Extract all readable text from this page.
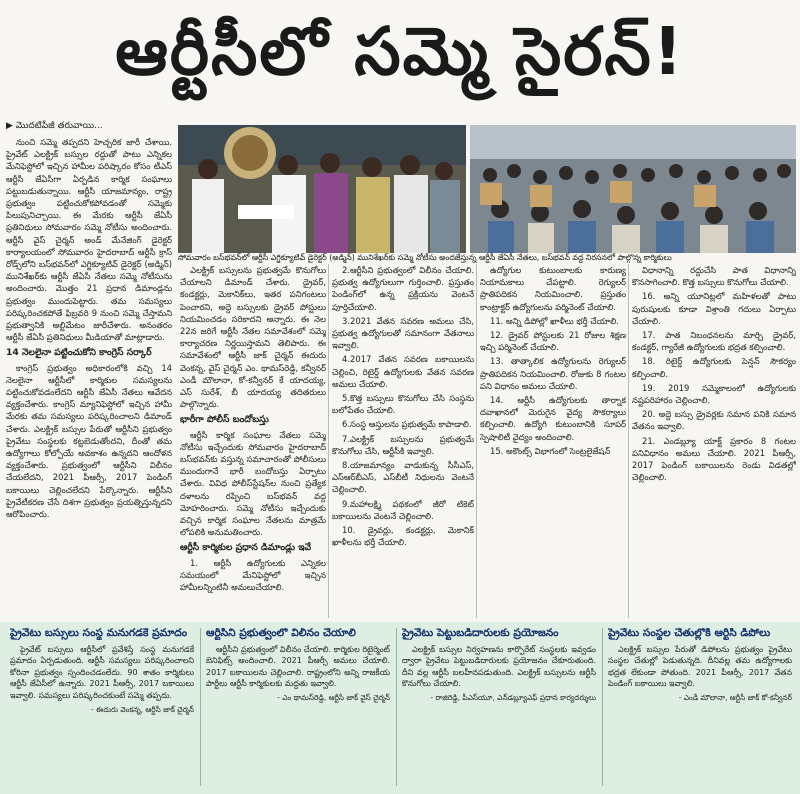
ఆర్టీసీలో సమ్మె సైరన్!
▶ మొదటిపేజీ తరువాయి...

నుంచి సమ్మె తప్పదని హెచ్చరిక జారీ చేశాయి. ప్రైవేట్ ఎలక్ట్రిక్ బస్సుల రద్దుతో పాటు ఎన్నికల మేనిఫెస్టోలో ఇచ్చిన హామీల పరిష్కారం కోసం టీఎస్ ఆర్టీసీ జేఏసీగా ఏర్పడిన కార్మిక సంఘాలు పట్టుబడుతున్నాయి. ఆర్టీసీ యాజమాన్యం, రాష్ట్ర ప్రభుత్వం పట్టించుకోకపోవడంతో సమ్మెకు పిలుపునిచ్చాయి. ఈ మేరకు ఆర్టీసీ జేఏసీ ప్రతినిధులు సోమవారం సమ్మె నోటీసు అందించారు. ఆర్టీసీ వైస్ చైర్మన్ అండ్ మేనేజింగ్ డైరెక్టర్ కార్యాలయంలో సోమవారం హైదరాబాద్ ఆర్టీసీ క్రాస్ రోడ్స్‌లోని బస్‌భవన్‌లో ఎగ్జిక్యూటివ్ డైరెక్టర్ (అడ్మిన్) మునిశేఖర్‌కు ఆర్టీసీ జేఏసీ నేతలు సమ్మె నోటీసును అందించారు. మొత్తం 21 ప్రధాన డిమాండ్లను ప్రభుత్వం ముందుపెట్టారు. తమ సమస్యలు పరిష్కరించకపోతే ఫిబ్రవరి 9 నుంచి సమ్మె చేస్తామని ప్రభుత్వానికి అల్టిమేటం జారీచేశారు. అనంతరం ఆర్టీసీ జేఏసీ ప్రతినిధులు మీడియాతో మాట్లాడారు.

14 నెలలైనా పట్టించుకోని కాంగ్రెస్ సర్కార్

కాంగ్రెస్ ప్రభుత్వం అధికారంలోకి వచ్చి 14 నెలలైనా ఆర్టీసీలో కార్మికుల సమస్యలను పట్టించుకోవడంలేదని ఆర్టీసీ జేఏసీ నేతలు ఆవేదన వ్యక్తంచేశారు. కాంగ్రెస్ మ్యానిఫెస్టోలో ఇచ్చిన హామీ మేరకు తమ సమస్యలు పరిష్కరించాలని డిమాండ్ చేశారు. ఎలక్ట్రిక్ బస్సుల పేరుతో ఆర్టీసీని ప్రభుత్వం ప్రైవేటు సంస్థలకు కట్టబెడుతోందని, దీంతో తమ ఉద్యోగాలు కోల్పోయే అవకాశం ఉన్నదని ఆందోళన వ్యక్తంచేశారు. ప్రభుత్వంలో ఆర్టీసీని విలీనం చేయలేదని, 2021 పీఆర్సీ, 2017 పెండింగ్ బకాయిలు చెల్లించలేదని పేర్కొన్నారు. ఆర్టీసీని ప్రైవేటీకరణ చేసే దిశగా ప్రభుత్వం ప్రయత్నిస్తున్నదని ఆరోపించారు.

సోమవారం బస్‌భవన్‌లో ఆర్టీసీ ఎగ్జిక్యూటివ్ డైరెక్టర్ (అడ్మిన్) మునిశేఖర్‌కు సమ్మె నోటీసు అందజేస్తున్న ఆర్టీసీ జేఏసీ నేతలు, బస్‌భవన్ వద్ద నిరసనలో పాల్గొన్న కార్మికులు

ఎలక్ట్రిక్ బస్సులను ప్రభుత్వమే కొనుగోలు చేయాలని డిమాండ్ చేశారు. డ్రైవర్, కండక్టర్లు, మెకానిక్‌లు, ఇతర పనిగంటలు పెంచారని, అద్దె బస్సులకు డ్రైవర్ పోస్టులు నియమించడం సరికాదని అన్నారు. ఈ నెల 22న జరిగే ఆర్టీసీ నేతల సమావేశంలో సమ్మె కార్యాచరణ నిర్ణయిస్తామని తెలిపారు. ఈ సమావేశంలో ఆర్టీసీ జాక్ చైర్మన్ ఈదురు వెంకన్న, వైస్ చైర్మన్ ఎం. థామస్‌రెడ్డి, కన్వీనర్ ఎండీ మౌలానా, కో-కన్వీనర్ కే యాదయ్య, ఎస్ సురేశ్, బీ యాదయ్య తదితరులు పాల్గొన్నారు.

భారీగా పోలీస్ బందోబస్తు

ఆర్టీసీ కార్మిక సంఘాల నేతలు సమ్మె నోటీసు ఇచ్చేందుకు సోమవారం హైదరాబాద్ బస్‌భవన్‌కు వస్తున్న సమాచారంతో పోలీసులు ముందుగానే భారీ బందోబస్తు ఏర్పాటు చేశారు. వివిధ పోలీస్‌స్టేషన్‌ల నుంచి ప్రత్యేక దళాలను రప్పించి బస్‌భవన్ వద్ద మోహరించారు. సమ్మె నోటీసు ఇచ్చేందుకు వచ్చిన కార్మిక సంఘాల నేతలను మాత్రమే లోపలికి అనుమతించారు.

ఆర్టీసీ కార్మికుల ప్రధాన డిమాండ్లు ఇవే

1. ఆర్టీసీ ఉద్యోగులకు ఎన్నికల సమయంలో మేనిఫెస్టోలో ఇచ్చిన హామీలన్నింటినీ అమలుచేయాలి.

2.ఆర్టీసీని ప్రభుత్వంలో విలీనం చేయాలి. ప్రభుత్వ ఉద్యోగులుగా గుర్తించాలి. ప్రస్తుతం పెండింగ్‌లో ఉన్న ప్రక్రియను వెంటనే పూర్తిచేయాలి.

3.2021 వేతన సవరణ అమలు చేసి, ప్రభుత్వ ఉద్యోగులతో సమానంగా వేతనాలు ఇవ్వాలి.

4.2017 వేతన సవరణ బకాయిలను చెల్లించి, రిటైర్డ్ ఉద్యోగులకు వేతన సవరణ అమలు చేయాలి.

5.కొత్త బస్సులు కొనుగోలు చేసి సంస్థను బలోపేతం చేయాలి.

6.సంస్థ ఆస్తులను ప్రభుత్వమే కాపాడాలి.

7.ఎలక్ట్రిక్ బస్సులను ప్రభుత్వమే కొనుగోలు చేసి, ఆర్టీసీకి ఇవ్వాలి.

8.యాజమాన్యం వాడుకున్న సీసీఎస్, ఎస్‌ఆర్‌బీఎస్, ఎస్‌బీటీ నిధులను వెంటనే చెల్లించాలి.

9.మహాలక్ష్మి పథకంలో జీరో టికెట్ బకాయిలను వెంటనే చెల్లించాలి.

10. డ్రైవర్లు, కండక్టర్లు, మెకానిక్ ఖాళీలను భర్తీ చేయాలి.

ఉద్యోగుల కుటుంబాలకు కారుణ్య నియామకాలు చేపట్టాలి. రెగ్యులర్ ప్రాతిపదికన నియమించాలి. ప్రస్తుతం కాంట్రాక్టర్ ఉద్యోగులను పర్మినెంట్ చేయాలి.

11. అన్ని డిపోల్లో ఖాళీలు భర్తీ చేయాలి.

12. డ్రైవర్ పోస్టులకు 21 రోజుల శిక్షణ ఇచ్చి పర్మినెంట్ చేయాలి.

13. తాత్కాలిక ఉద్యోగులను రెగ్యులర్ ప్రాతిపదికన నియమించాలి. రోజుకు 8 గంటల పని విధానం అమలు చేయాలి.

14. ఆర్టీసీ ఉద్యోగులకు తార్నాక దవాఖానలో మెరుగైన వైద్య సౌకర్యాలు కల్పించాలి. ఉద్యోగి కుటుంబానికి సూపర్ స్పెషాలిటీ వైద్యం అందించాలి.

15. అకౌంట్స్ విభాగంలో సెంట్రలైజేషన్

విధానాన్ని రద్దుచేసి పాత విధానాన్ని కొనసాగించాలి. కొత్త బస్సులు కొనుగోలు చేయాలి.

16. అన్ని యూనిట్లలో మహిళలతో పాటు పురుషులకు కూడా విశ్రాంతి గదులు ఏర్పాటు చేయాలి.

17. పాత నిబంధనలను మార్చి డ్రైవర్, కండక్టర్, గ్యారేజీ ఉద్యోగులకు భద్రత కల్పించాలి.

18. రిటైర్డ్ ఉద్యోగులకు పెన్షన్ సౌకర్యం కల్పించాలి.

19. 2019 సమ్మెకాలంలో ఉద్యోగులకు నష్టపరిహారం చెల్లించాలి.

20. అద్దె బస్సు డ్రైవర్లకు సమాన పనికి సమాన వేతనం ఇవ్వాలి.

21. ఎండబ్ల్యూ యాక్ట్ ప్రకారం 8 గంటల పనివిధానం అమలు చేయాలి. 2021 పీఆర్సీ, 2017 పెండింగ్ బకాయిలను రెండు విడతల్లో చెల్లించాలి.

ప్రైవేటు బస్సులు సంస్థ మనుగడకే ప్రమాదం

ప్రైవేట్ బస్సులు ఆర్టీసీలో ప్రవేశిస్తే సంస్థ మనుగడకే ప్రమాదం ఏర్పడుతుంది. ఆర్టీసీ సమస్యలు పరిష్కరించాలని కోరినా ప్రభుత్వం స్పందించడంలేదు. 90 శాతం కార్మికులు ఆర్టీసీ జేఏసీలో ఉన్నారు. 2021 పీఆర్సీ, 2017 బకాయిలు ఇవ్వాలి. సమస్యలు పరిష్కరించకుంటే సమ్మె తప్పదు.

- ఈదురు వెంకన్న, ఆర్టీసీ జాక్ చైర్మన్
ఆర్టీసీని ప్రభుత్వంలో విలీనం చేయాలి

ఆర్టీసీని ప్రభుత్వంలో విలీనం చేయాలి. కార్మికుల రిటైర్మెంట్ బెనిఫిట్స్ అందించాలి. 2021 పీఆర్సీ అమలు చేయాలి. 2017 బకాయిలను చెల్లించాలి. రాష్ట్రంలోని అన్ని రాజకీయ పార్టీలు ఆర్టీసీ కార్మికులకు మద్దతు ఇవ్వాలి.

- ఎం థామస్‌రెడ్డి, ఆర్టీసీ జాక్ వైస్ చైర్మన్
ప్రైవేటు పెట్టుబడిదారులకు ప్రయోజనం

ఎలక్ట్రిక్ బస్సుల నిర్వహణను కార్పొరేట్ సంస్థలకు ఇవ్వడం ద్వారా ప్రైవేటు పెట్టుబడిదారులకు ప్రయోజనం చేకూరుతుంది. దీని వల్ల ఆర్టీసీ బలహీనపడుతుంది. ఎలక్ట్రిక్ బస్సులను ఆర్టీసీ కొనుగోలు చేయాలి.

- రాజిరెడ్డి, పీఎస్‌యూ, ఎన్‌డబ్ల్యూఎఫ్ ప్రధాన కార్యదర్శులు
ప్రైవేటు సంస్థల చేతుల్లోకి ఆర్టీసీ డిపోలు

ఎలక్ట్రిక్ బస్సుల పేరుతో డిపోలను ప్రభుత్వం ప్రైవేటు సంస్థల చేతుల్లో పెడుతున్నది. దీనివల్ల తమ ఉద్యోగాలకు భద్రత లేకుండా పోతుంది. 2021 పీఆర్సీ, 2017 వేతన పెండింగ్ బకాయిలు ఇవ్వాలి.

- ఎండీ మౌలానా, ఆర్టీసీ జాక్ కో-కన్వీనర్
